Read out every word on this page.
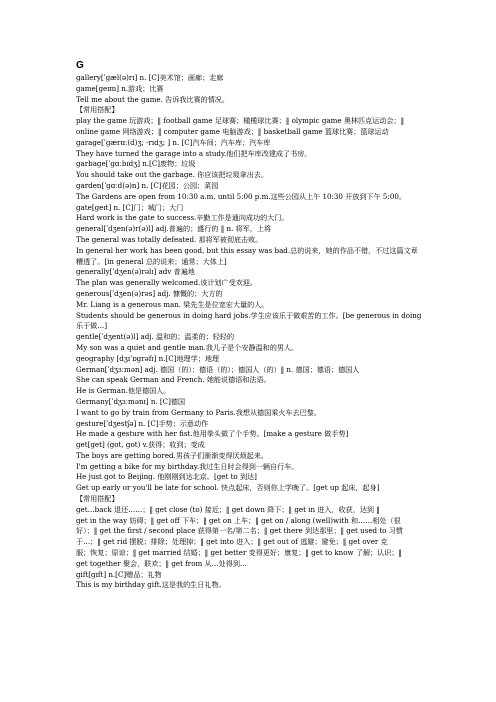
G
gallery[ˈɡæl(ə)rɪ] n. [C]美术馆；画廊；走廊
game[ɡeɪm] n.游戏；比赛
Tell me about the game. 告诉我比赛的情况。
【常用搭配】
play the game 玩游戏；‖ football game 足球赛；橄榄球比赛；‖ olympic game 奥林匹克运动会；‖
online game 网络游戏；‖ computer game 电脑游戏；‖ basketball game 篮球比赛；篮球运动
garage[ˈɡærɑː(d)ʒ; -rɪdʒ; ] n. [C]汽车间；汽车库；汽车库
They have turned the garage into a study.他们把车库改建成了书房。
garbage[ˈɡɑːbɪdʒ] n.[C]废物；垃圾
You should take out the garbage. 你应该把垃圾拿出去。
garden[ˈɡɑːd(ə)n] n. [C]花园；公园；菜园
The Gardens are open from 10:30 a.m. until 5:00 p.m.这些公园从上午 10:30 开放到下午 5:00。
gate[ɡeɪt] n. [C]门；城门；大门
Hard work is the gate to success.辛勤工作是通向成功的大门。
general[ˈdʒen(ə)r(ə)l] adj.普遍的；盛行的 ‖ n. 将军，上将
The general was totally defeated. 那将军被彻底击败。
In general her work has been good, but this essay was bad.总的说来，她的作品不错，不过这篇文章
糟透了。[in general 总的说来；通常；大体上]
generally[ˈdʒen(ə)rəlɪ] adv 普遍地
The plan was generally welcomed.该计划广受欢迎。
generous[ˈdʒen(ə)rəs] adj. 慷慨的；大方的
Mr. Liang is a generous man. 梁先生是位宽宏大量的人。
Students should be generous in doing hard jobs.学生应该乐于做艰苦的工作。[be generous in doing
乐于做…]
gentle[ˈdʒent(ə)l] adj. 温和的；温柔的；轻轻的
My son was a quiet and gentle man.我儿子是个安静温和的男人。
geography [dʒɪˈɒɡrəfɪ] n.[C]地理学；地理
German[ˈdʒɜːmən] adj. 德国（的）；德语（的）；德国人（的）‖ n. 德国；德语；德国人
She can speak German and French. 她能说德语和法语。
He is German.他是德国人。
Germany[ˈdʒɜːmənɪ] n. [C]德国
I want to go by train from Germany to Paris.我想从德国乘火车去巴黎。
gesture[ˈdʒestʃə] n. [C]手势；示意动作
He made a gesture with her fist.他用拳头做了个手势。[make a gesture 做手势]
get[ɡet] (got, got) v.获得；收到；变成
The boys are getting bored.男孩子们渐渐变得厌烦起来。
I'm getting a bike for my birthday.我过生日时会得到一辆自行车。
He just got to Beijing. 他刚刚到达北京。[get to 到达]
Get up early or you'll be late for school. 快点起床，否则你上学晚了。[get up 起床，起身]
【常用搭配】
get…back 退还……；‖ get close (to) 接近；‖ get down 降下；‖ get in 进入，收获，达到 ‖
get in the way 妨碍；‖ get off 下车；‖ get on 上车；‖ get on / along (well)with 和……相处（很
好）；‖ get the first / second place 获得第一名/第二名；‖ get there 到达那里；‖ get used to 习惯
于…；‖ get rid 摆脱；排除；处理掉；‖ get into 进入；‖ get out of 逃避；避免；‖ get over 克
服；恢复；原谅；‖ get married 结婚；‖ get better 变得更好；康复；‖ get to know 了解；认识；‖
get together 聚会，联欢；‖ get from 从…处得到…
gift[ɡɪft] n.[C]赠品；礼物
This is my birthday gift.这是我的生日礼物。
